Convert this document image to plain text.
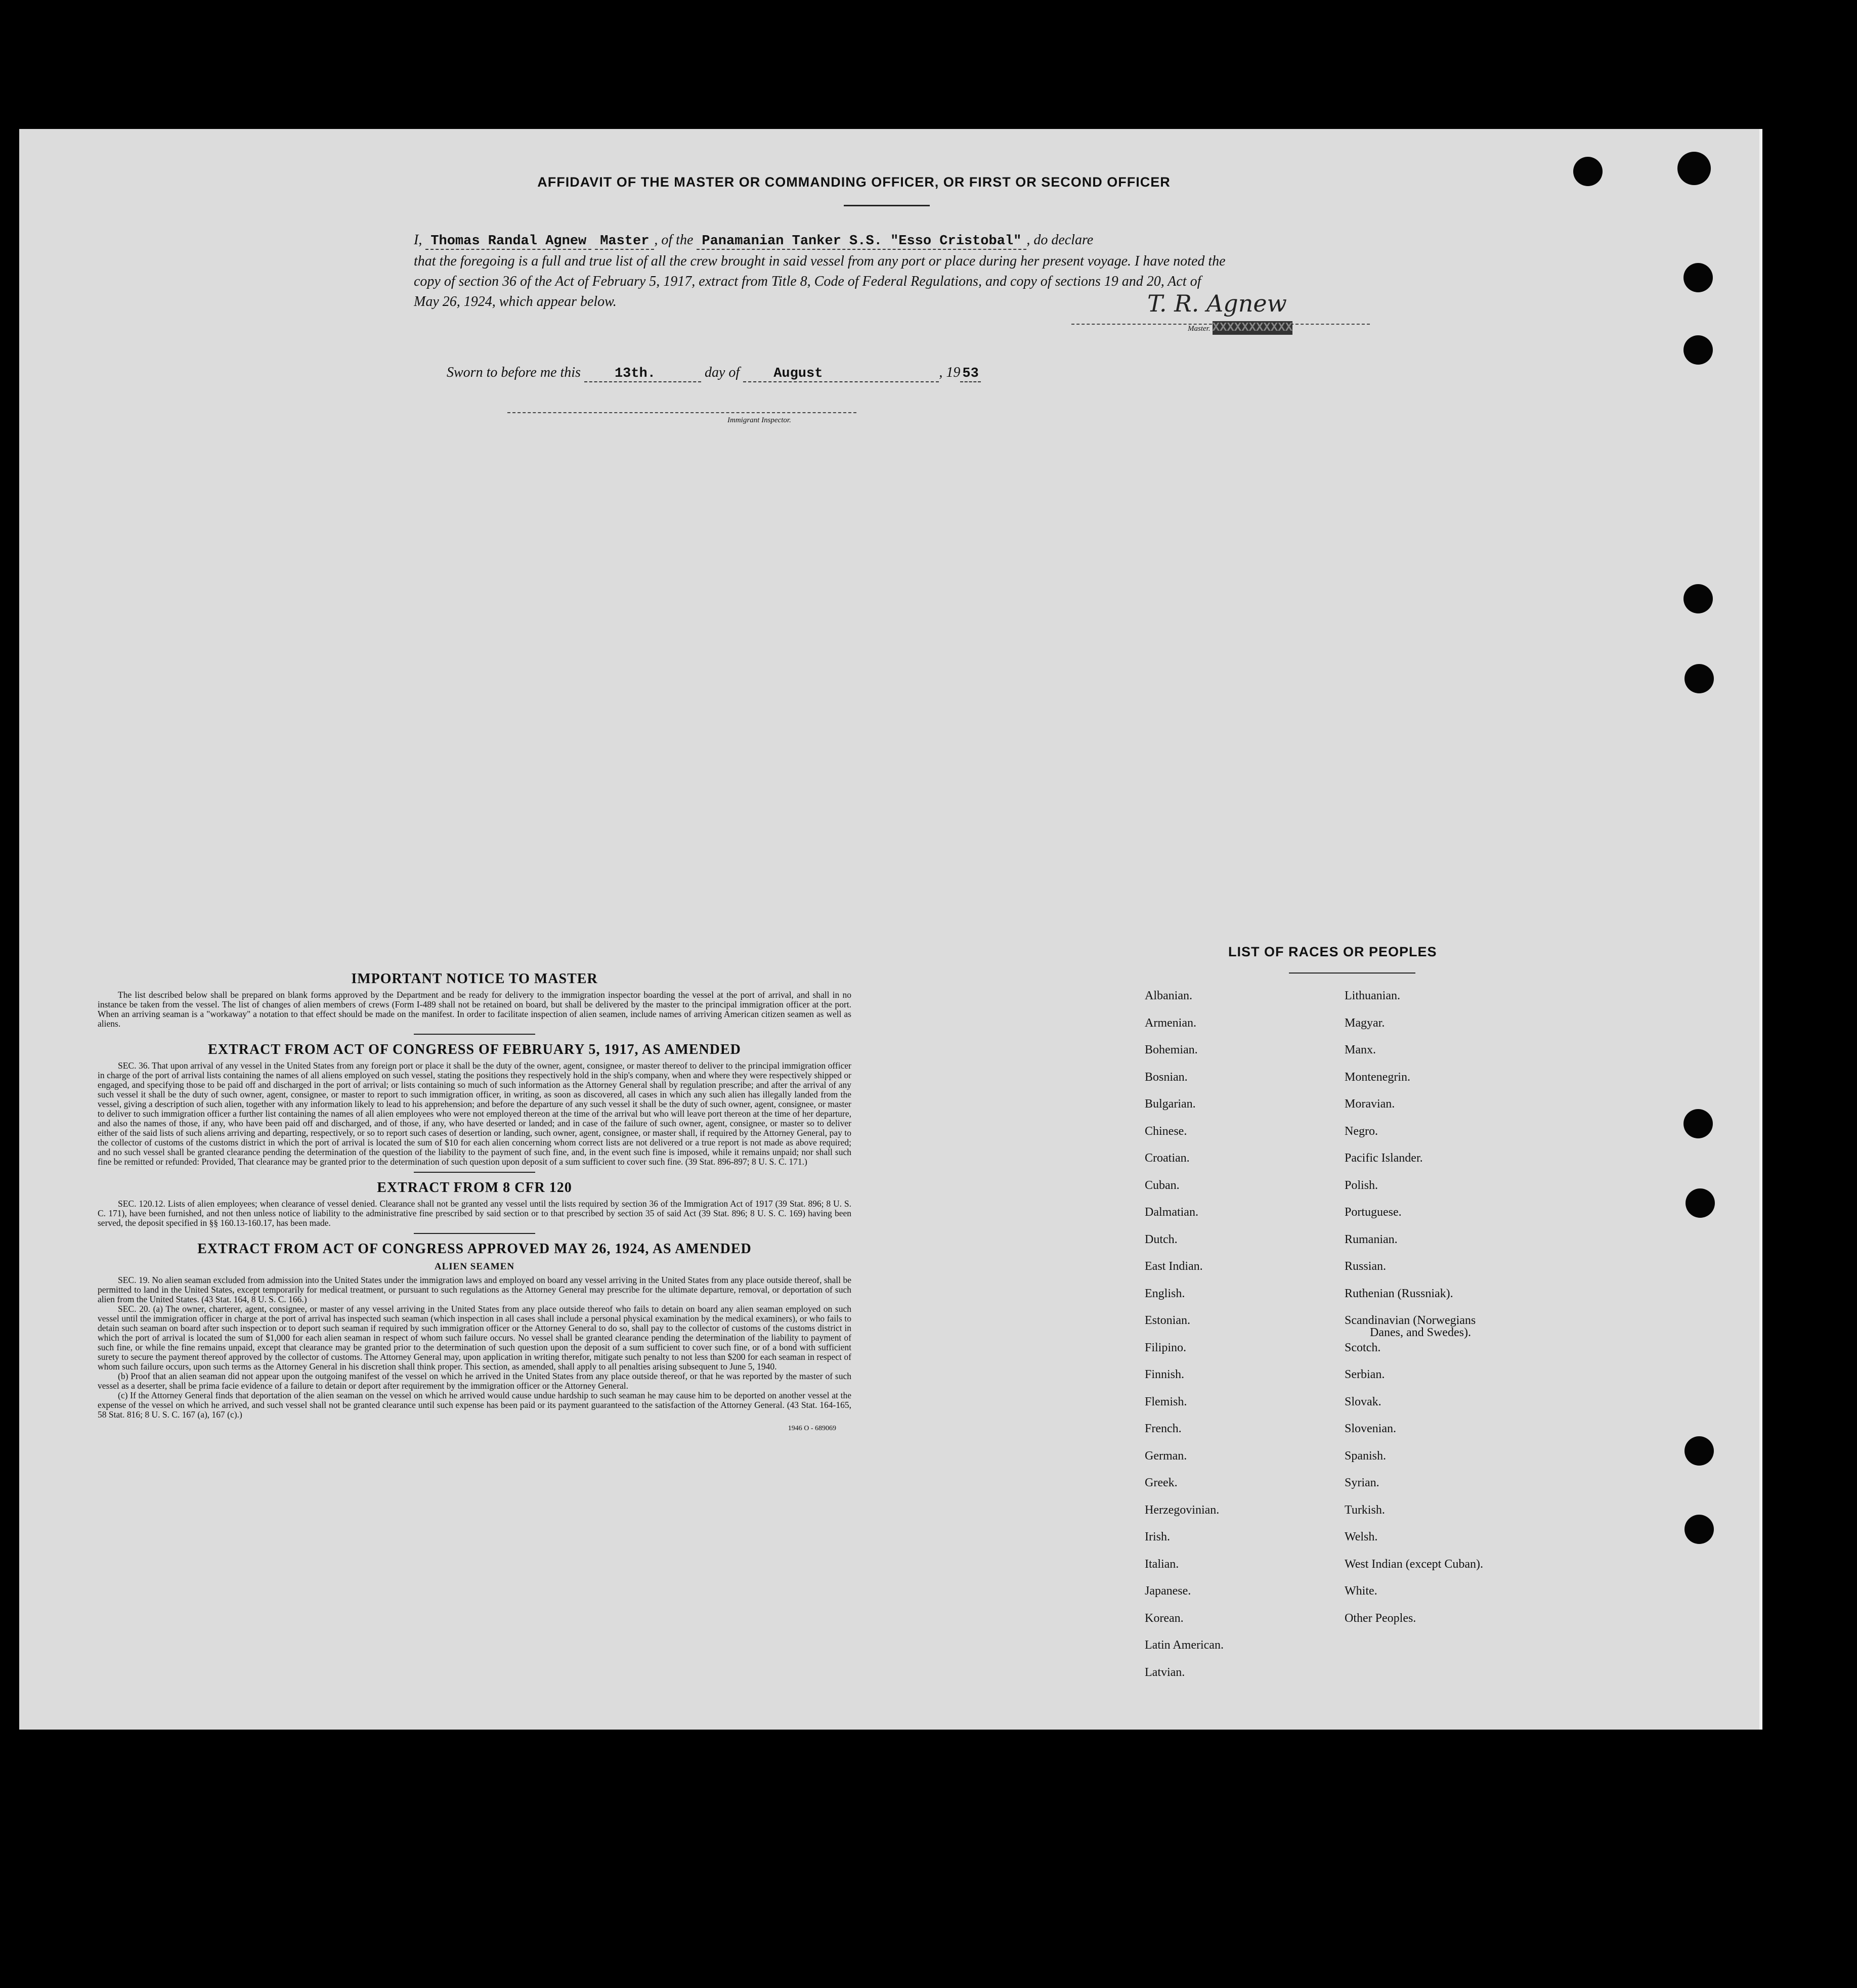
AFFIDAVIT OF THE MASTER OR COMMANDING OFFICER, OR FIRST OR SECOND OFFICER
I, Thomas Randal Agnew Master , of the Panamanian Tanker S.S. "Esso Cristobal" , do declare
that the foregoing is a full and true list of all the crew brought in said vessel from any port or place during her present voyage. I have noted the
copy of section 36 of the Act of February 5, 1917, extract from Title 8, Code of Federal Regulations, and copy of sections 19 and 20, Act of
May 26, 1924, which appear below.	T. R. Agnew
Master. XXXXXXXXXXX
Sworn to before me this 13th.	day of August	, 19 53
Immigrant Inspector.
IMPORTANT NOTICE TO MASTER
The list described below shall be prepared on blank forms approved by the Department and be ready for delivery to the immigration inspector boarding the vessel at the port of arrival, and shall in no instance be taken from the vessel. The list of changes of alien members of crews (Form I-489 shall not be retained on board, but shall be delivered by the master to the principal immigration officer at the port. When an arriving seaman is a "workaway" a notation to that effect should be made on the manifest. In order to facilitate inspection of alien seamen, include names of arriving American citizen seamen as well as aliens.
EXTRACT FROM ACT OF CONGRESS OF FEBRUARY 5, 1917, AS AMENDED
SEC. 36. That upon arrival of any vessel in the United States from any foreign port or place it shall be the duty of the owner, agent, consignee, or master thereof to deliver to the principal immigration officer in charge of the port of arrival lists containing the names of all aliens employed on such vessel, stating the positions they respectively hold in the ship's company, when and where they were respectively shipped or engaged, and specifying those to be paid off and discharged in the port of arrival; or lists containing so much of such information as the Attorney General shall by regulation prescribe; and after the arrival of any such vessel it shall be the duty of such owner, agent, consignee, or master to report to such immigration officer, in writing, as soon as discovered, all cases in which any such alien has illegally landed from the vessel, giving a description of such alien, together with any information likely to lead to his apprehension; and before the departure of any such vessel it shall be the duty of such owner, agent, consignee, or master to deliver to such immigration officer a further list containing the names of all alien employees who were not employed thereon at the time of the arrival but who will leave port thereon at the time of her departure, and also the names of those, if any, who have been paid off and discharged, and of those, if any, who have deserted or landed; and in case of the failure of such owner, agent, consignee, or master so to deliver either of the said lists of such aliens arriving and departing, respectively, or so to report such cases of desertion or landing, such owner, agent, consignee, or master shall, if required by the Attorney General, pay to the collector of customs of the customs district in which the port of arrival is located the sum of $10 for each alien concerning whom correct lists are not delivered or a true report is not made as above required; and no such vessel shall be granted clearance pending the determination of the question of the liability to the payment of such fine, and, in the event such fine is imposed, while it remains unpaid; nor shall such fine be remitted or refunded: Provided, That clearance may be granted prior to the determination of such question upon deposit of a sum sufficient to cover such fine. (39 Stat. 896-897; 8 U. S. C. 171.)
EXTRACT FROM 8 CFR 120
SEC. 120.12. Lists of alien employees; when clearance of vessel denied. Clearance shall not be granted any vessel until the lists required by section 36 of the Immigration Act of 1917 (39 Stat. 896; 8 U. S. C. 171), have been furnished, and not then unless notice of liability to the administrative fine prescribed by said section or to that prescribed by section 35 of said Act (39 Stat. 896; 8 U. S. C. 169) having been served, the deposit specified in §§ 160.13-160.17, has been made.
EXTRACT FROM ACT OF CONGRESS APPROVED MAY 26, 1924, AS AMENDED
ALIEN SEAMEN
SEC. 19. No alien seaman excluded from admission into the United States under the immigration laws and employed on board any vessel arriving in the United States from any place outside thereof, shall be permitted to land in the United States, except temporarily for medical treatment, or pursuant to such regulations as the Attorney General may prescribe for the ultimate departure, removal, or deportation of such alien from the United States. (43 Stat. 164, 8 U. S. C. 166.)
SEC. 20. (a) The owner, charterer, agent, consignee, or master of any vessel arriving in the United States from any place outside thereof who fails to detain on board any alien seaman employed on such vessel until the immigration officer in charge at the port of arrival has inspected such seaman (which inspection in all cases shall include a personal physical examination by the medical examiners), or who fails to detain such seaman on board after such inspection or to deport such seaman if required by such immigration officer or the Attorney General to do so, shall pay to the collector of customs of the customs district in which the port of arrival is located the sum of $1,000 for each alien seaman in respect of whom such failure occurs. No vessel shall be granted clearance pending the determination of the liability to payment of such fine, or while the fine remains unpaid, except that clearance may be granted prior to the determination of such question upon the deposit of a sum sufficient to cover such fine, or of a bond with sufficient surety to secure the payment thereof approved by the collector of customs. The Attorney General may, upon application in writing therefor, mitigate such penalty to not less than $200 for each seaman in respect of whom such failure occurs, upon such terms as the Attorney General in his discretion shall think proper. This section, as amended, shall apply to all penalties arising subsequent to June 5, 1940.
(b) Proof that an alien seaman did not appear upon the outgoing manifest of the vessel on which he arrived in the United States from any place outside thereof, or that he was reported by the master of such vessel as a deserter, shall be prima facie evidence of a failure to detain or deport after requirement by the immigration officer or the Attorney General.
(c) If the Attorney General finds that deportation of the alien seaman on the vessel on which he arrived would cause undue hardship to such seaman he may cause him to be deported on another vessel at the expense of the vessel on which he arrived, and such vessel shall not be granted clearance until such expense has been paid or its payment guaranteed to the satisfaction of the Attorney General. (43 Stat. 164-165, 58 Stat. 816; 8 U. S. C. 167 (a), 167 (c).)
1946 O - 689069
LIST OF RACES OR PEOPLES
Albanian.
Armenian.
Bohemian.
Bosnian.
Bulgarian.
Chinese.
Croatian.
Cuban.
Dalmatian.
Dutch.
East Indian.
English.
Estonian.
Filipino.
Finnish.
Flemish.
French.
German.
Greek.
Herzegovinian.
Irish.
Italian.
Japanese.
Korean.
Latin American.
Latvian.
Lithuanian.
Magyar.
Manx.
Montenegrin.
Moravian.
Negro.
Pacific Islander.
Polish.
Portuguese.
Rumanian.
Russian.
Ruthenian (Russniak).
Scandinavian (Norwegians
Danes, and Swedes).
Scotch.
Serbian.
Slovak.
Slovenian.
Spanish.
Syrian.
Turkish.
Welsh.
West Indian (except Cuban).
White.
Other Peoples.
